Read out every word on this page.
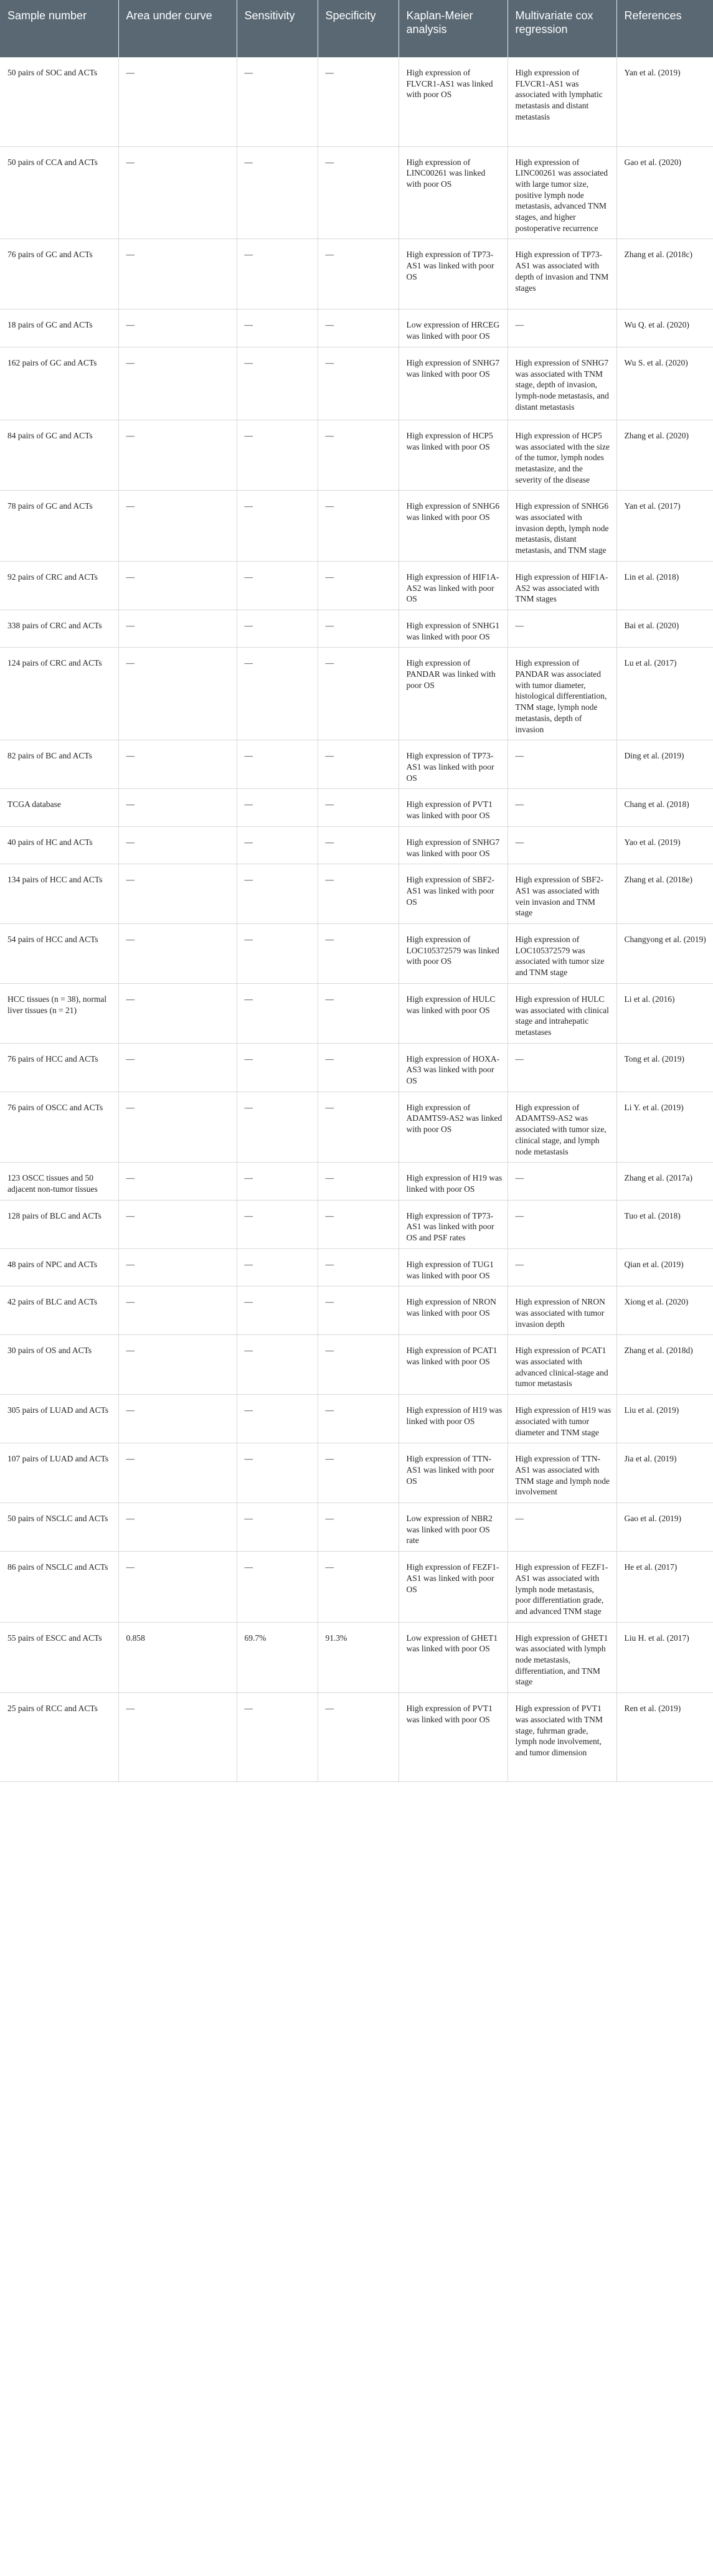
Sample number	Area under curve	Sensitivity	Specificity	Kaplan-Meier analysis	Multivariate cox regression	References
50 pairs of SOC and ACTs	—	—	—	High expression of FLVCR1-AS1 was linked with poor OS	High expression of FLVCR1-AS1 was associated with lymphatic metastasis and distant metastasis	Yan et al. (2019)
50 pairs of CCA and ACTs	—	—	—	High expression of LINC00261 was linked with poor OS	High expression of LINC00261 was associated with large tumor size, positive lymph node metastasis, advanced TNM stages, and higher postoperative recurrence	Gao et al. (2020)
76 pairs of GC and ACTs	—	—	—	High expression of TP73-AS1 was linked with poor OS	High expression of TP73-AS1 was associated with depth of invasion and TNM stages	Zhang et al. (2018c)
18 pairs of GC and ACTs	—	—	—	Low expression of HRCEG was linked with poor OS	—	Wu Q. et al. (2020)
162 pairs of GC and ACTs	—	—	—	High expression of SNHG7 was linked with poor OS	High expression of SNHG7 was associated with TNM stage, depth of invasion, lymph-node metastasis, and distant metastasis	Wu S. et al. (2020)
84 pairs of GC and ACTs	—	—	—	High expression of HCP5 was linked with poor OS	High expression of HCP5 was associated with the size of the tumor, lymph nodes metastasize, and the severity of the disease	Zhang et al. (2020)
78 pairs of GC and ACTs	—	—	—	High expression of SNHG6 was linked with poor OS	High expression of SNHG6 was associated with invasion depth, lymph node metastasis, distant metastasis, and TNM stage	Yan et al. (2017)
92 pairs of CRC and ACTs	—	—	—	High expression of HIF1A-AS2 was linked with poor OS	High expression of HIF1A-AS2 was associated with TNM stages	Lin et al. (2018)
338 pairs of CRC and ACTs	—	—	—	High expression of SNHG1 was linked with poor OS	—	Bai et al. (2020)
124 pairs of CRC and ACTs	—	—	—	High expression of PANDAR was linked with poor OS	High expression of PANDAR was associated with tumor diameter, histological differentiation, TNM stage, lymph node metastasis, depth of invasion	Lu et al. (2017)
82 pairs of BC and ACTs	—	—	—	High expression of TP73-AS1 was linked with poor OS	—	Ding et al. (2019)
TCGA database	—	—	—	High expression of PVT1 was linked with poor OS	—	Chang et al. (2018)
40 pairs of HC and ACTs	—	—	—	High expression of SNHG7 was linked with poor OS	—	Yao et al. (2019)
134 pairs of HCC and ACTs	—	—	—	High expression of SBF2-AS1 was linked with poor OS	High expression of SBF2-AS1 was associated with vein invasion and TNM stage	Zhang et al. (2018e)
54 pairs of HCC and ACTs	—	—	—	High expression of LOC105372579 was linked with poor OS	High expression of LOC105372579 was associated with tumor size and TNM stage	Changyong et al. (2019)
HCC tissues (n = 38), normal liver tissues (n = 21)	—	—	—	High expression of HULC was linked with poor OS	High expression of HULC was associated with clinical stage and intrahepatic metastases	Li et al. (2016)
76 pairs of HCC and ACTs	—	—	—	High expression of HOXA-AS3 was linked with poor OS	—	Tong et al. (2019)
76 pairs of OSCC and ACTs	—	—	—	High expression of ADAMTS9-AS2 was linked with poor OS	High expression of ADAMTS9-AS2 was associated with tumor size, clinical stage, and lymph node metastasis	Li Y. et al. (2019)
123 OSCC tissues and 50 adjacent non-tumor tissues	—	—	—	High expression of H19 was linked with poor OS	—	Zhang et al. (2017a)
128 pairs of BLC and ACTs	—	—	—	High expression of TP73-AS1 was linked with poor OS and PSF rates	—	Tuo et al. (2018)
48 pairs of NPC and ACTs	—	—	—	High expression of TUG1 was linked with poor OS	—	Qian et al. (2019)
42 pairs of BLC and ACTs	—	—	—	High expression of NRON was linked with poor OS	High expression of NRON was associated with tumor invasion depth	Xiong et al. (2020)
30 pairs of OS and ACTs	—	—	—	High expression of PCAT1 was linked with poor OS	High expression of PCAT1 was associated with advanced clinical-stage and tumor metastasis	Zhang et al. (2018d)
305 pairs of LUAD and ACTs	—	—	—	High expression of H19 was linked with poor OS	High expression of H19 was associated with tumor diameter and TNM stage	Liu et al. (2019)
107 pairs of LUAD and ACTs	—	—	—	High expression of TTN-AS1 was linked with poor OS	High expression of TTN-AS1 was associated with TNM stage and lymph node involvement	Jia et al. (2019)
50 pairs of NSCLC and ACTs	—	—	—	Low expression of NBR2 was linked with poor OS rate	—	Gao et al. (2019)
86 pairs of NSCLC and ACTs	—	—	—	High expression of FEZF1-AS1 was linked with poor OS	High expression of FEZF1-AS1 was associated with lymph node metastasis, poor differentiation grade, and advanced TNM stage	He et al. (2017)
55 pairs of ESCC and ACTs	0.858	69.7%	91.3%	Low expression of GHET1 was linked with poor OS	High expression of GHET1 was associated with lymph node metastasis, differentiation, and TNM stage	Liu H. et al. (2017)
25 pairs of RCC and ACTs	—	—	—	High expression of PVT1 was linked with poor OS	High expression of PVT1 was associated with TNM stage, fuhrman grade, lymph node involvement, and tumor dimension	Ren et al. (2019)
